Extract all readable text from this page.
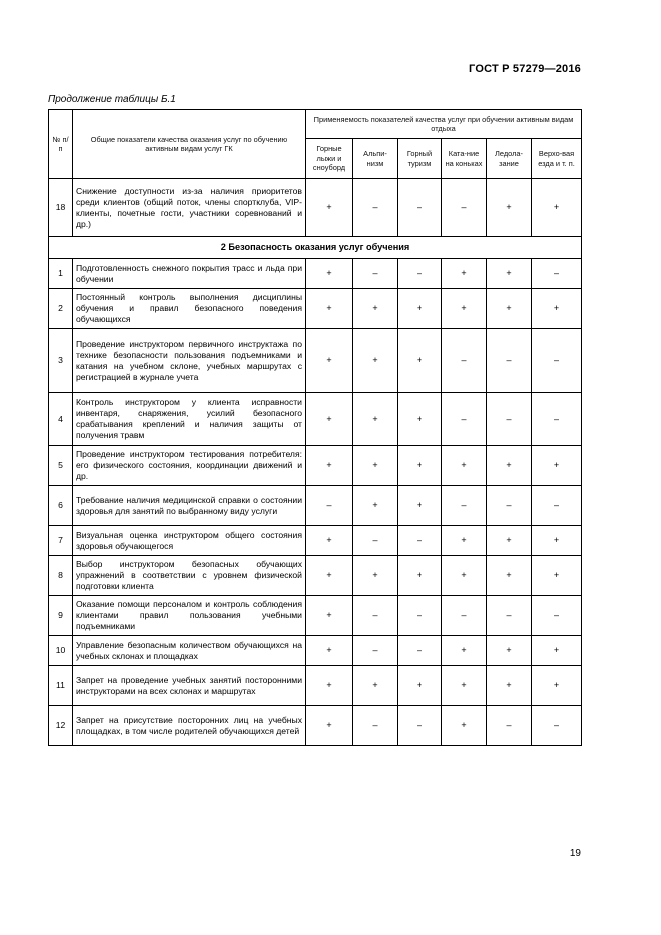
ГОСТ Р 57279—2016
Продолжение таблицы Б.1
№ п/п	Общие показатели качества оказания услуг по обучению активным видам услуг ГК	Применяемость показателей качества услуг при обучении активным видам отдыха					
		Горные лыжи и сноуборд	Альпи-низм	Горный туризм	Ката-ние на коньках	Ледола-зание	Верхо-вая езда и т. п.
18	Снижение доступности из-за наличия приоритетов среди клиентов (общий поток, члены спортклуба, VIP-клиенты, почетные гости, участники соревнований и др.)	+	–	–	–	+	+
2 Безопасность оказания услуг обучения							
1	Подготовленность снежного покрытия трасс и льда при обучении	+	–	–	+	+	–
2	Постоянный контроль выполнения дисциплины обучения и правил безопасного поведения обучающихся	+	+	+	+	+	+
3	Проведение инструктором первичного инструктажа по технике безопасности пользования подъемниками и катания на учебном склоне, учебных маршрутах с регистрацией в журнале учета	+	+	+	–	–	–
4	Контроль инструктором у клиента исправности инвентаря, снаряжения, усилий безопасного срабатывания креплений и наличия защиты от получения травм	+	+	+	–	–	–
5	Проведение инструктором тестирования потребителя: его физического состояния, координации движений и др.	+	+	+	+	+	+
6	Требование наличия медицинской справки о состоянии здоровья для занятий по выбранному виду услуги	–	+	+	–	–	–
7	Визуальная оценка инструктором общего состояния здоровья обучающегося	+	–	–	+	+	+
8	Выбор инструктором безопасных обучающих упражнений в соответствии с уровнем физической подготовки клиента	+	+	+	+	+	+
9	Оказание помощи персоналом и контроль соблюдения клиентами правил пользования учебными подъемниками	+	–	–	–	–	–
10	Управление безопасным количеством обучающихся на учебных склонах и площадках	+	–	–	+	+	+
11	Запрет на проведение учебных занятий посторонними инструкторами на всех склонах и маршрутах	+	+	+	+	+	+
12	Запрет на присутствие посторонних лиц на учебных площадках, в том числе родителей обучающихся детей	+	–	–	+	–	–
19
